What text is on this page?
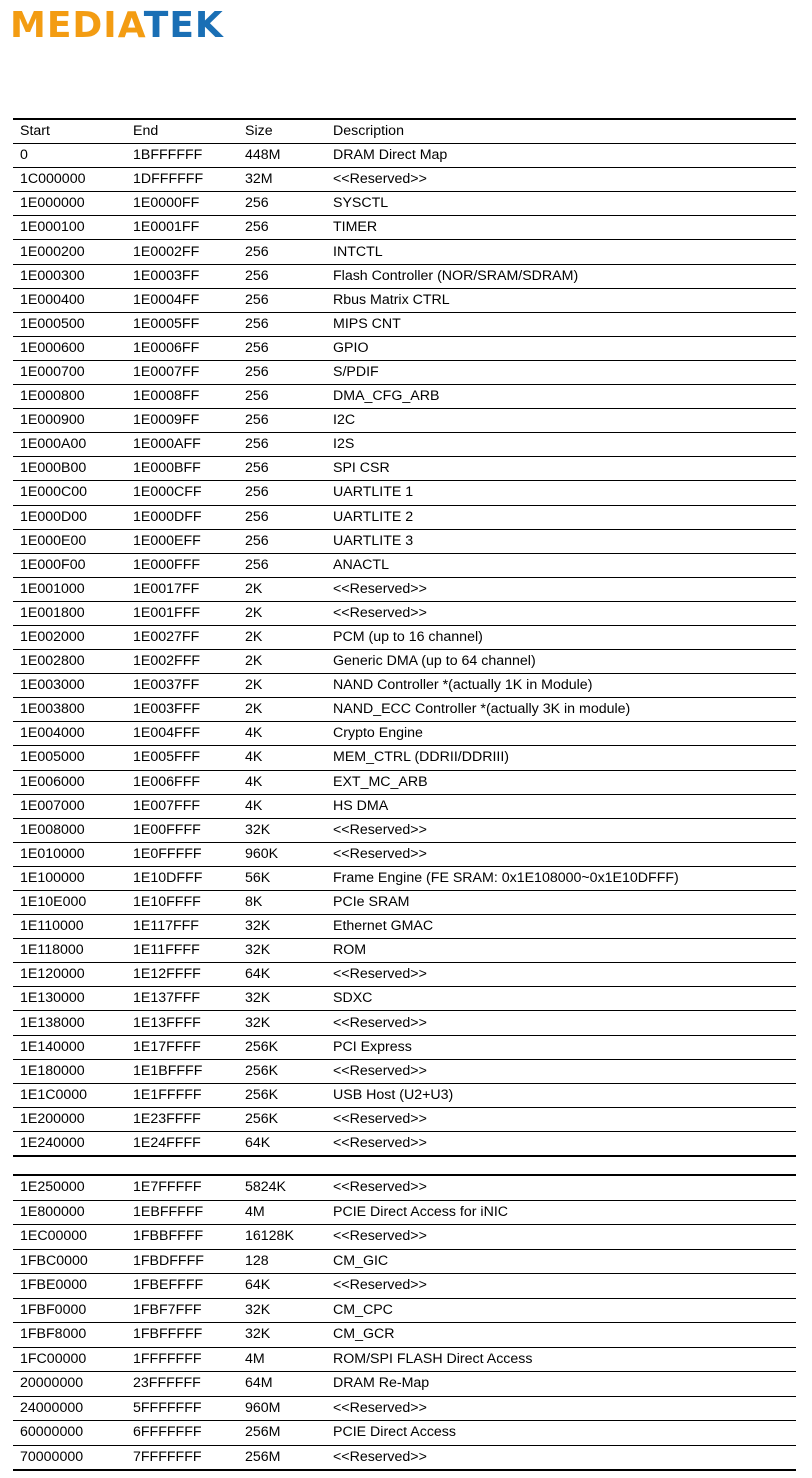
MEDIATEK
Start	End	Size	Description
0	1BFFFFFF	448M	DRAM Direct Map
1C000000	1DFFFFFF	32M	<<Reserved>>
1E000000	1E0000FF	256	SYSCTL
1E000100	1E0001FF	256	TIMER
1E000200	1E0002FF	256	INTCTL
1E000300	1E0003FF	256	Flash Controller (NOR/SRAM/SDRAM)
1E000400	1E0004FF	256	Rbus Matrix CTRL
1E000500	1E0005FF	256	MIPS CNT
1E000600	1E0006FF	256	GPIO
1E000700	1E0007FF	256	S/PDIF
1E000800	1E0008FF	256	DMA_CFG_ARB
1E000900	1E0009FF	256	I2C
1E000A00	1E000AFF	256	I2S
1E000B00	1E000BFF	256	SPI CSR
1E000C00	1E000CFF	256	UARTLITE 1
1E000D00	1E000DFF	256	UARTLITE 2
1E000E00	1E000EFF	256	UARTLITE 3
1E000F00	1E000FFF	256	ANACTL
1E001000	1E0017FF	2K	<<Reserved>>
1E001800	1E001FFF	2K	<<Reserved>>
1E002000	1E0027FF	2K	PCM (up to 16 channel)
1E002800	1E002FFF	2K	Generic DMA (up to 64 channel)
1E003000	1E0037FF	2K	NAND Controller *(actually 1K in Module)
1E003800	1E003FFF	2K	NAND_ECC Controller *(actually 3K in module)
1E004000	1E004FFF	4K	Crypto Engine
1E005000	1E005FFF	4K	MEM_CTRL (DDRII/DDRIII)
1E006000	1E006FFF	4K	EXT_MC_ARB
1E007000	1E007FFF	4K	HS DMA
1E008000	1E00FFFF	32K	<<Reserved>>
1E010000	1E0FFFFF	960K	<<Reserved>>
1E100000	1E10DFFF	56K	Frame Engine (FE SRAM: 0x1E108000~0x1E10DFFF)
1E10E000	1E10FFFF	8K	PCIe SRAM
1E110000	1E117FFF	32K	Ethernet GMAC
1E118000	1E11FFFF	32K	ROM
1E120000	1E12FFFF	64K	<<Reserved>>
1E130000	1E137FFF	32K	SDXC
1E138000	1E13FFFF	32K	<<Reserved>>
1E140000	1E17FFFF	256K	PCI Express
1E180000	1E1BFFFF	256K	<<Reserved>>
1E1C0000	1E1FFFFF	256K	USB Host (U2+U3)
1E200000	1E23FFFF	256K	<<Reserved>>
1E240000	1E24FFFF	64K	<<Reserved>>
1E250000	1E7FFFFF	5824K	<<Reserved>>
1E800000	1EBFFFFF	4M	PCIE Direct Access for iNIC
1EC00000	1FBBFFFF	16128K	<<Reserved>>
1FBC0000	1FBDFFFF	128	CM_GIC
1FBE0000	1FBEFFFF	64K	<<Reserved>>
1FBF0000	1FBF7FFF	32K	CM_CPC
1FBF8000	1FBFFFFF	32K	CM_GCR
1FC00000	1FFFFFFF	4M	ROM/SPI FLASH Direct Access
20000000	23FFFFFF	64M	DRAM Re-Map
24000000	5FFFFFFF	960M	<<Reserved>>
60000000	6FFFFFFF	256M	PCIE Direct Access
70000000	7FFFFFFF	256M	<<Reserved>>
